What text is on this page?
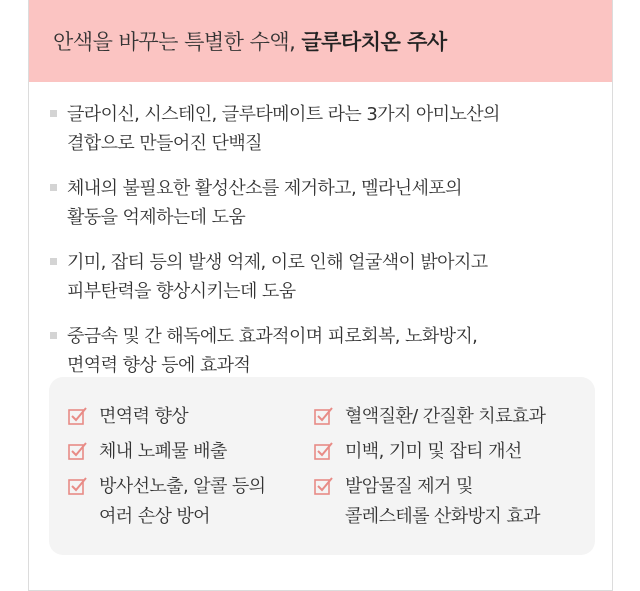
안색을 바꾸는 특별한 수액, 글루타치온 주사
글라이신, 시스테인, 글루타메이트 라는 3가지 아미노산의
결합으로 만들어진 단백질
체내의 불필요한 활성산소를 제거하고, 멜라닌세포의
활동을 억제하는데 도움
기미, 잡티 등의 발생 억제, 이로 인해 얼굴색이 밝아지고
피부탄력을 향상시키는데 도움
중금속 및 간 해독에도 효과적이며 피로회복, 노화방지,
면역력 향상 등에 효과적
면역력 향상
체내 노폐물 배출
방사선노출, 알콜 등의
여러 손상 방어
혈액질환/ 간질환 치료효과
미백, 기미 및 잡티 개선
발암물질 제거 및
콜레스테롤 산화방지 효과
